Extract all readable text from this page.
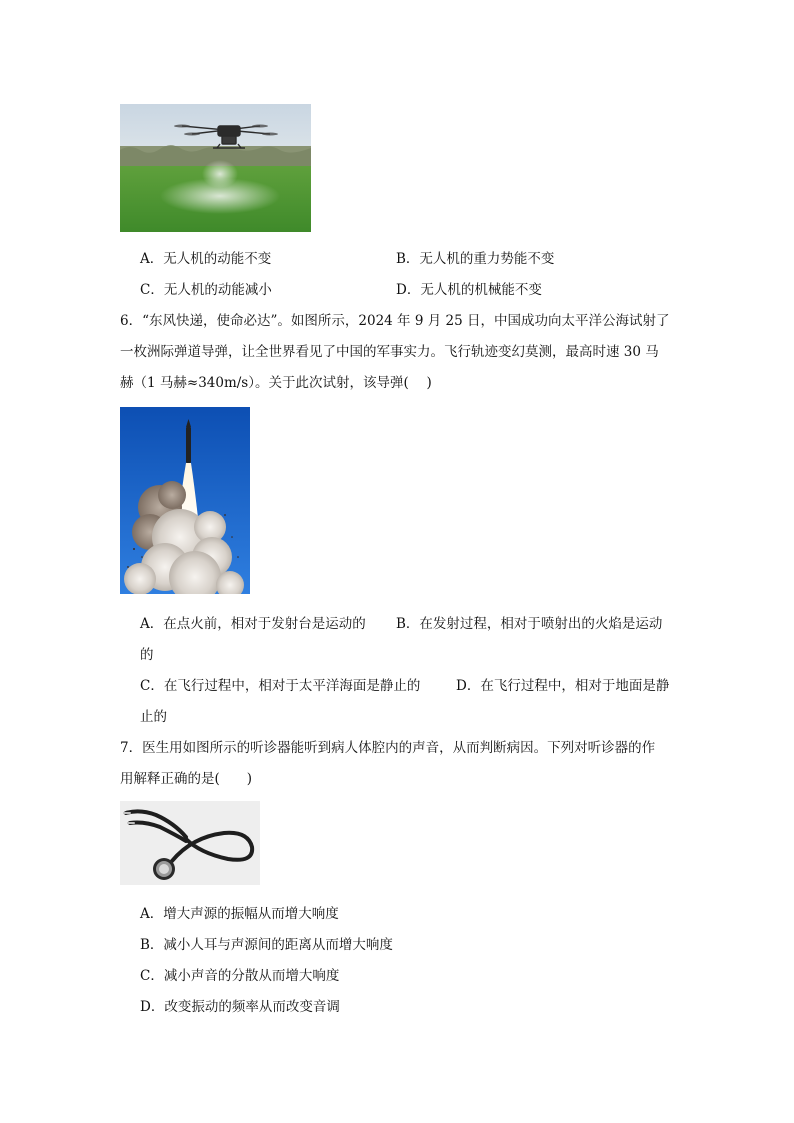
A．无人机的动能不变	B．无人机的重力势能不变
C．无人机的动能减小	D．无人机的机械能不变
6．“东风快递，使命必达”。如图所示，2024 年 9 月 25 日，中国成功向太平洋公海试射了
一枚洲际弹道导弹，让全世界看见了中国的军事实力。飞行轨迹变幻莫测，最高时速 30 马
赫（1 马赫≈340m/s）。关于此次试射，该导弹(　 )
A．在点火前，相对于发射台是运动的 B．在发射过程，相对于喷射出的火焰是运动
的
C．在飞行过程中，相对于太平洋海面是静止的	D．在飞行过程中，相对于地面是静
止的
7．医生用如图所示的听诊器能听到病人体腔内的声音，从而判断病因。下列对听诊器的作
用解释正确的是(　　)
A．增大声源的振幅从而增大响度
B．减小人耳与声源间的距离从而增大响度
C．减小声音的分散从而增大响度
D．改变振动的频率从而改变音调
